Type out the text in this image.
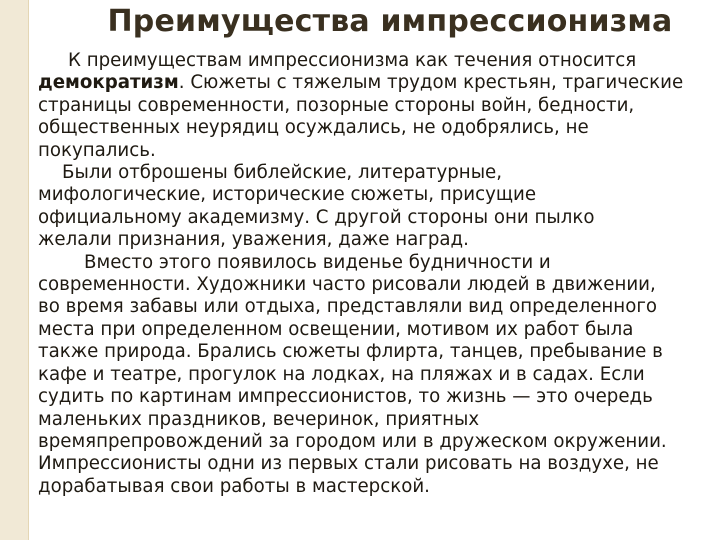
Преимущества импрессионизма
К преимуществам импрессионизма как течения относится
демократизм. Сюжеты с тяжелым трудом крестьян, трагические
страницы современности, позорные стороны войн, бедности,
общественных неурядиц осуждались, не одобрялись, не
покупались.
Были отброшены библейские, литературные,
мифологические, исторические сюжеты, присущие
официальному академизму. С другой стороны они пылко
желали признания, уважения, даже наград.
Вместо этого появилось виденье будничности и
современности. Художники часто рисовали людей в движении,
во время забавы или отдыха, представляли вид определенного
места при определенном освещении, мотивом их работ была
также природа. Брались сюжеты флирта, танцев, пребывание в
кафе и театре, прогулок на лодках, на пляжах и в садах. Если
судить по картинам импрессионистов, то жизнь — это очередь
маленьких праздников, вечеринок, приятных
времяпрепровождений за городом или в дружеском окружении.
Импрессионисты одни из первых стали рисовать на воздухе, не
дорабатывая свои работы в мастерской.
